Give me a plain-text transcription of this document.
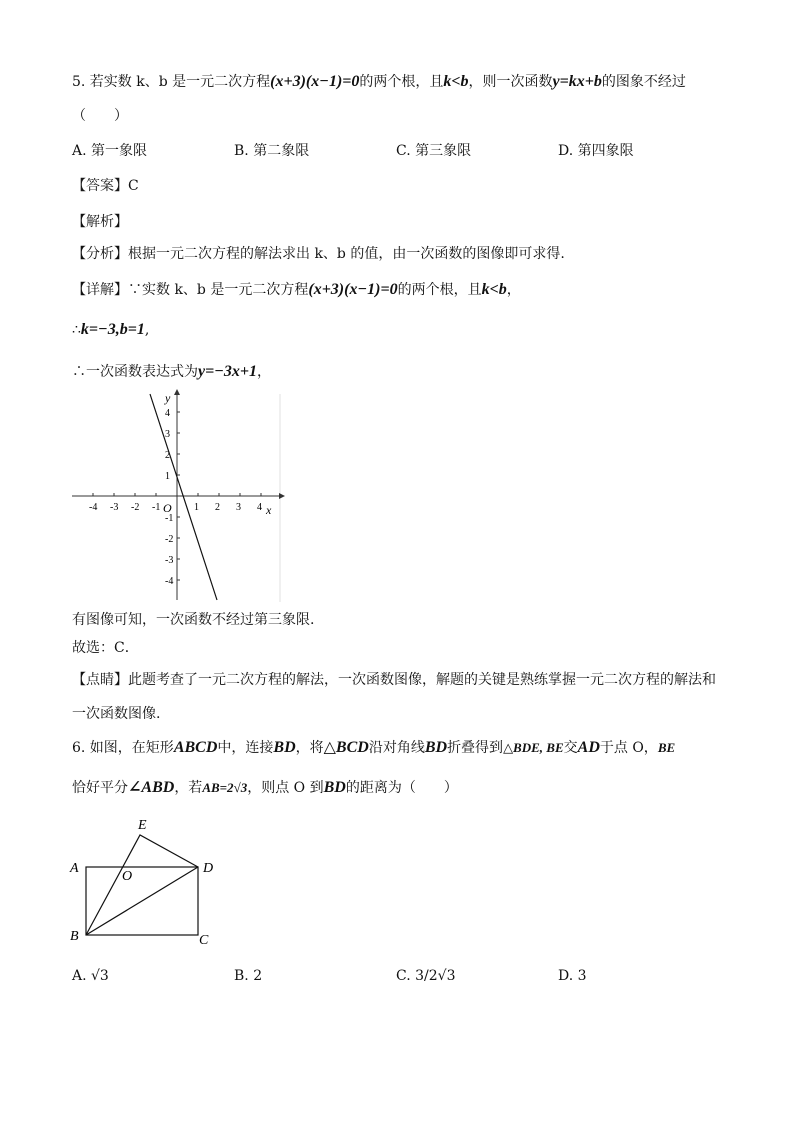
5. 若实数 k、b 是一元二次方程(x+3)(x−1)=0的两个根，且k<b，则一次函数y=kx+b的图象不经过
（　　）
A. 第一象限	B. 第二象限	C. 第三象限	D. 第四象限
【答案】C
【解析】
【分析】根据一元二次方程的解法求出 k、b 的值，由一次函数的图像即可求得.
【详解】∵实数 k、b 是一元二次方程(x+3)(x−1)=0的两个根，且k<b，
∴k=−3,b=1,
∴一次函数表达式为y=−3x+1，
-4 -3 -2 -1	1 2 3 4
4
3
2
1
-1
-2
-3
-4
x
y
O
有图像可知，一次函数不经过第三象限.
故选：C．
【点睛】此题考查了一元二次方程的解法，一次函数图像，解题的关键是熟练掌握一元二次方程的解法和
一次函数图像.
6. 如图，在矩形ABCD中，连接BD，将△BCD沿对角线BD折叠得到△BDE, BE交AD于点 O，BE
恰好平分∠ABD，若AB=2√3，则点 O 到BD的距离为（　　）
E
A
O
D
B	C
A. √3	B. 2	C. 3/2√3	D. 3
